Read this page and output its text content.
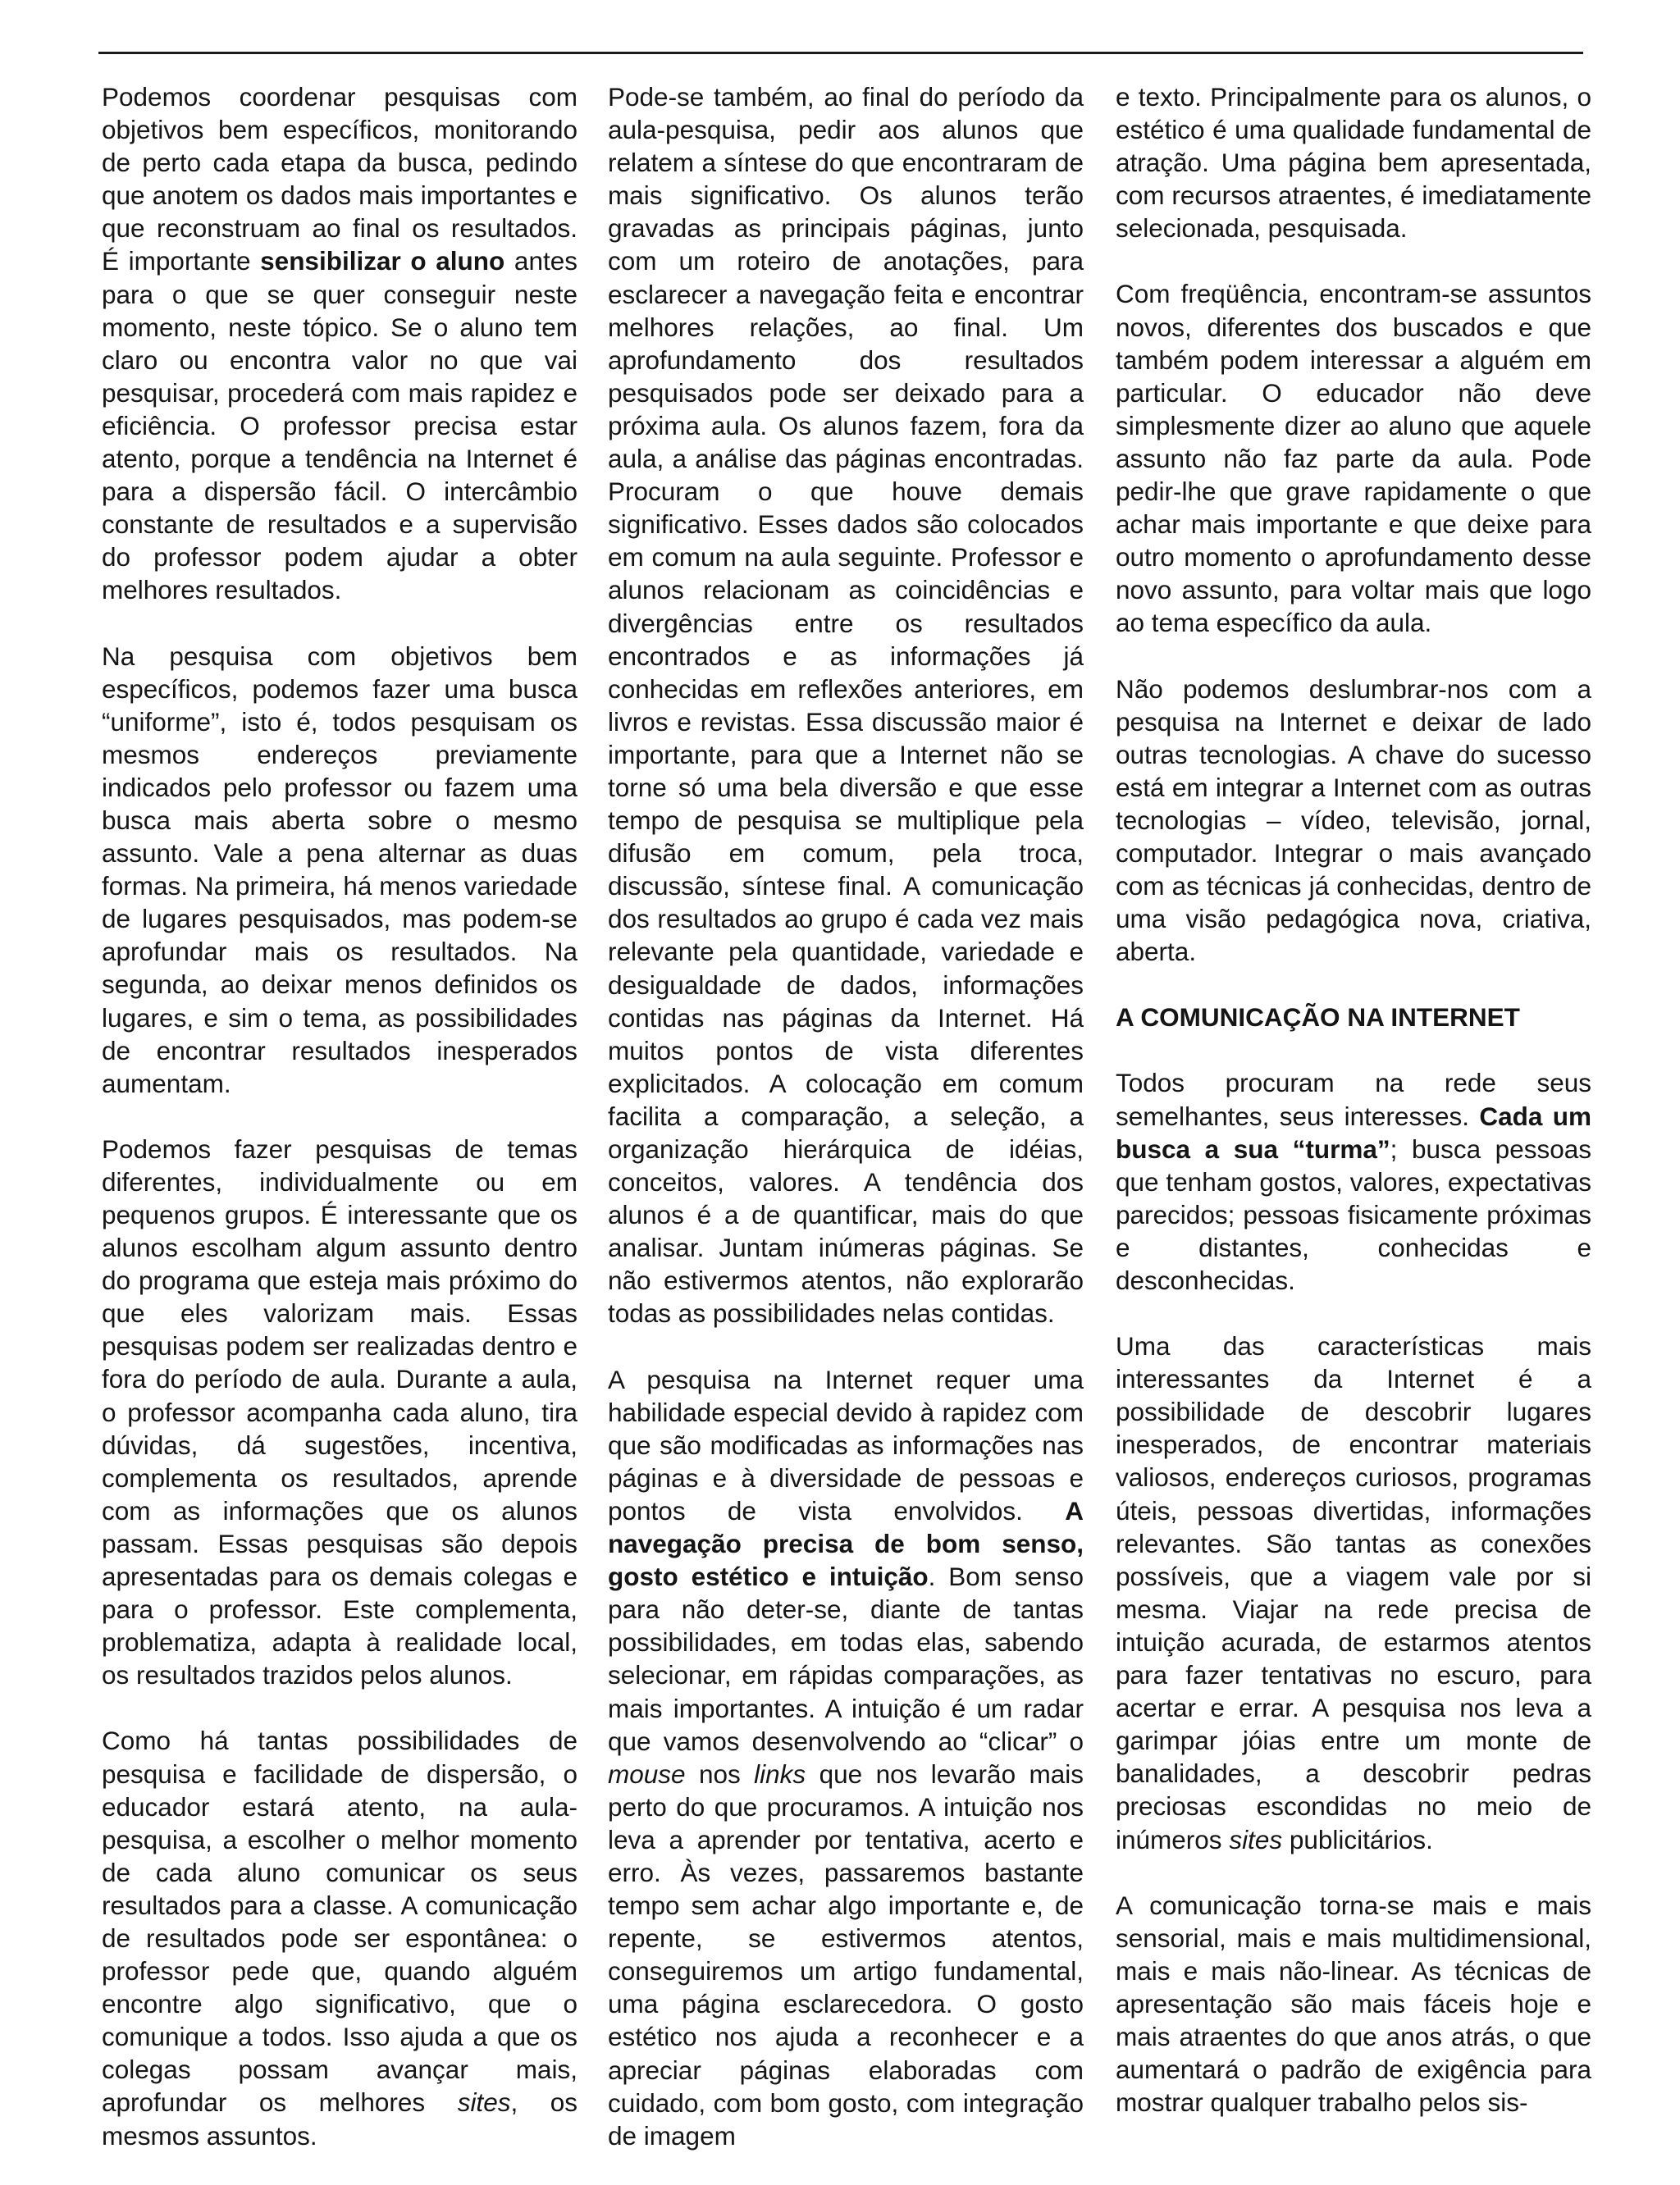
Podemos coordenar pesquisas com objetivos bem específicos, monitorando de perto cada etapa da busca, pedindo que anotem os dados mais importantes e que reconstruam ao final os resultados. É importante sensibilizar o aluno antes para o que se quer conseguir neste momento, neste tópico. Se o aluno tem claro ou encontra valor no que vai pesquisar, procederá com mais rapidez e eficiência. O professor precisa estar atento, porque a tendência na Internet é para a dispersão fácil. O intercâmbio constante de resultados e a supervisão do professor podem ajudar a obter melhores resultados.

Na pesquisa com objetivos bem específicos, podemos fazer uma busca “uniforme”, isto é, todos pesquisam os mesmos endereços previamente indicados pelo professor ou fazem uma busca mais aberta sobre o mesmo assunto. Vale a pena alternar as duas formas. Na primeira, há menos variedade de lugares pesquisados, mas podem-se aprofundar mais os resultados. Na segunda, ao deixar menos definidos os lugares, e sim o tema, as possibilidades de encontrar resultados inesperados aumentam.

Podemos fazer pesquisas de temas diferentes, individualmente ou em pequenos grupos. É interessante que os alunos escolham algum assunto dentro do programa que esteja mais próximo do que eles valorizam mais. Essas pesquisas podem ser realizadas dentro e fora do período de aula. Durante a aula, o professor acompanha cada aluno, tira dúvidas, dá sugestões, incentiva, complementa os resultados, aprende com as informações que os alunos passam. Essas pesquisas são depois apresentadas para os demais colegas e para o professor. Este complementa, problematiza, adapta à realidade local, os resultados trazidos pelos alunos.

Como há tantas possibilidades de pesquisa e facilidade de dispersão, o educador estará atento, na aula-pesquisa, a escolher o melhor momento de cada aluno comunicar os seus resultados para a classe. A comunicação de resultados pode ser espontânea: o professor pede que, quando alguém encontre algo significativo, que o comunique a todos. Isso ajuda a que os colegas possam avançar mais, aprofundar os melhores sites, os mesmos assuntos.

Pode-se também, ao final do período da aula-pesquisa, pedir aos alunos que relatem a síntese do que encontraram de mais significativo. Os alunos terão gravadas as principais páginas, junto com um roteiro de anotações, para esclarecer a navegação feita e encontrar melhores relações, ao final. Um aprofundamento dos resultados pesquisados pode ser deixado para a próxima aula. Os alunos fazem, fora da aula, a análise das páginas encontradas. Procuram o que houve demais significativo. Esses dados são colocados em comum na aula seguinte. Professor e alunos relacionam as coincidências e divergências entre os resultados encontrados e as informações já conhecidas em reflexões anteriores, em livros e revistas. Essa discussão maior é importante, para que a Internet não se torne só uma bela diversão e que esse tempo de pesquisa se multiplique pela difusão em comum, pela troca, discussão, síntese final. A comunicação dos resultados ao grupo é cada vez mais relevante pela quantidade, variedade e desigualdade de dados, informações contidas nas páginas da Internet. Há muitos pontos de vista diferentes explicitados. A colocação em comum facilita a comparação, a seleção, a organização hierárquica de idéias, conceitos, valores. A tendência dos alunos é a de quantificar, mais do que analisar. Juntam inúmeras páginas. Se não estivermos atentos, não explorarão todas as possibilidades nelas contidas.

A pesquisa na Internet requer uma habilidade especial devido à rapidez com que são modificadas as informações nas páginas e à diversidade de pessoas e pontos de vista envolvidos. A navegação precisa de bom senso, gosto estético e intuição. Bom senso para não deter-se, diante de tantas possibilidades, em todas elas, sabendo selecionar, em rápidas comparações, as mais importantes. A intuição é um radar que vamos desenvolvendo ao “clicar” o mouse nos links que nos levarão mais perto do que procuramos. A intuição nos leva a aprender por tentativa, acerto e erro. Às vezes, passaremos bastante tempo sem achar algo importante e, de repente, se estivermos atentos, conseguiremos um artigo fundamental, uma página esclarecedora. O gosto estético nos ajuda a reconhecer e a apreciar páginas elaboradas com cuidado, com bom gosto, com integração de imagem

e texto. Principalmente para os alunos, o estético é uma qualidade fundamental de atração. Uma página bem apresentada, com recursos atraentes, é imediatamente selecionada, pesquisada.

Com freqüência, encontram-se assuntos novos, diferentes dos buscados e que também podem interessar a alguém em particular. O educador não deve simplesmente dizer ao aluno que aquele assunto não faz parte da aula. Pode pedir-lhe que grave rapidamente o que achar mais importante e que deixe para outro momento o aprofundamento desse novo assunto, para voltar mais que logo ao tema específico da aula.

Não podemos deslumbrar-nos com a pesquisa na Internet e deixar de lado outras tecnologias. A chave do sucesso está em integrar a Internet com as outras tecnologias – vídeo, televisão, jornal, computador. Integrar o mais avançado com as técnicas já conhecidas, dentro de uma visão pedagógica nova, criativa, aberta.

A COMUNICAÇÃO NA INTERNET

Todos procuram na rede seus semelhantes, seus interesses. Cada um busca a sua “turma”; busca pessoas que tenham gostos, valores, expectativas parecidos; pessoas fisicamente próximas e distantes, conhecidas e desconhecidas.

Uma das características mais interessantes da Internet é a possibilidade de descobrir lugares inesperados, de encontrar materiais valiosos, endereços curiosos, programas úteis, pessoas divertidas, informações relevantes. São tantas as conexões possíveis, que a viagem vale por si mesma. Viajar na rede precisa de intuição acurada, de estarmos atentos para fazer tentativas no escuro, para acertar e errar. A pesquisa nos leva a garimpar jóias entre um monte de banalidades, a descobrir pedras preciosas escondidas no meio de inúmeros sites publicitários.

A comunicação torna-se mais e mais sensorial, mais e mais multidimensional, mais e mais não-linear. As técnicas de apresentação são mais fáceis hoje e mais atraentes do que anos atrás, o que aumentará o padrão de exigência para mostrar qualquer trabalho pelos sis-
